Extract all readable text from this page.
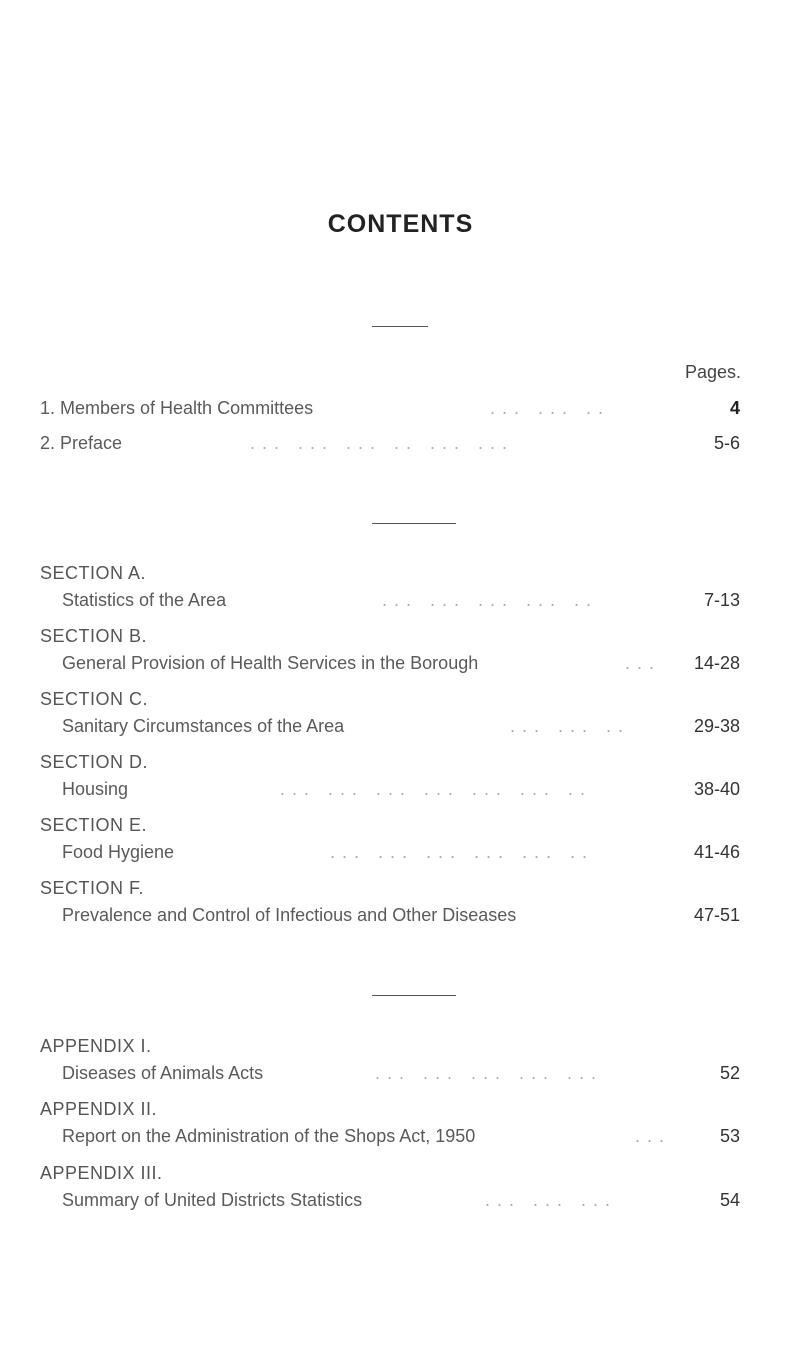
CONTENTS
Pages.
1. Members of Health Committees	. . .   . . .   . .	4
2. Preface	. . .   . . .   . . .   . .   . . .   . . .	5-6
SECTION A.
Statistics of the Area	. . .   . . .   . . .   . . .   . .	7-13
SECTION B.
General Provision of Health Services in the Borough	. . . 14-28
SECTION C.
Sanitary Circumstances of the Area	. . .   . . .   . .	29-38
SECTION D.
Housing	. . .   . . .   . . .   . . .   . . .   . . .   . .	38-40
SECTION E.
Food Hygiene	. . .   . . .   . . .   . . .   . . .   . .	41-46
SECTION F.
Prevalence and Control of Infectious and Other Diseases	47-51
APPENDIX I.
Diseases of Animals Acts	. . .   . . .   . . .   . . .   . . .	52
APPENDIX II.
Report on the Administration of the Shops Act, 1950	. . .	53
APPENDIX III.
Summary of United Districts Statistics	. . .   . . .   . . .	54
